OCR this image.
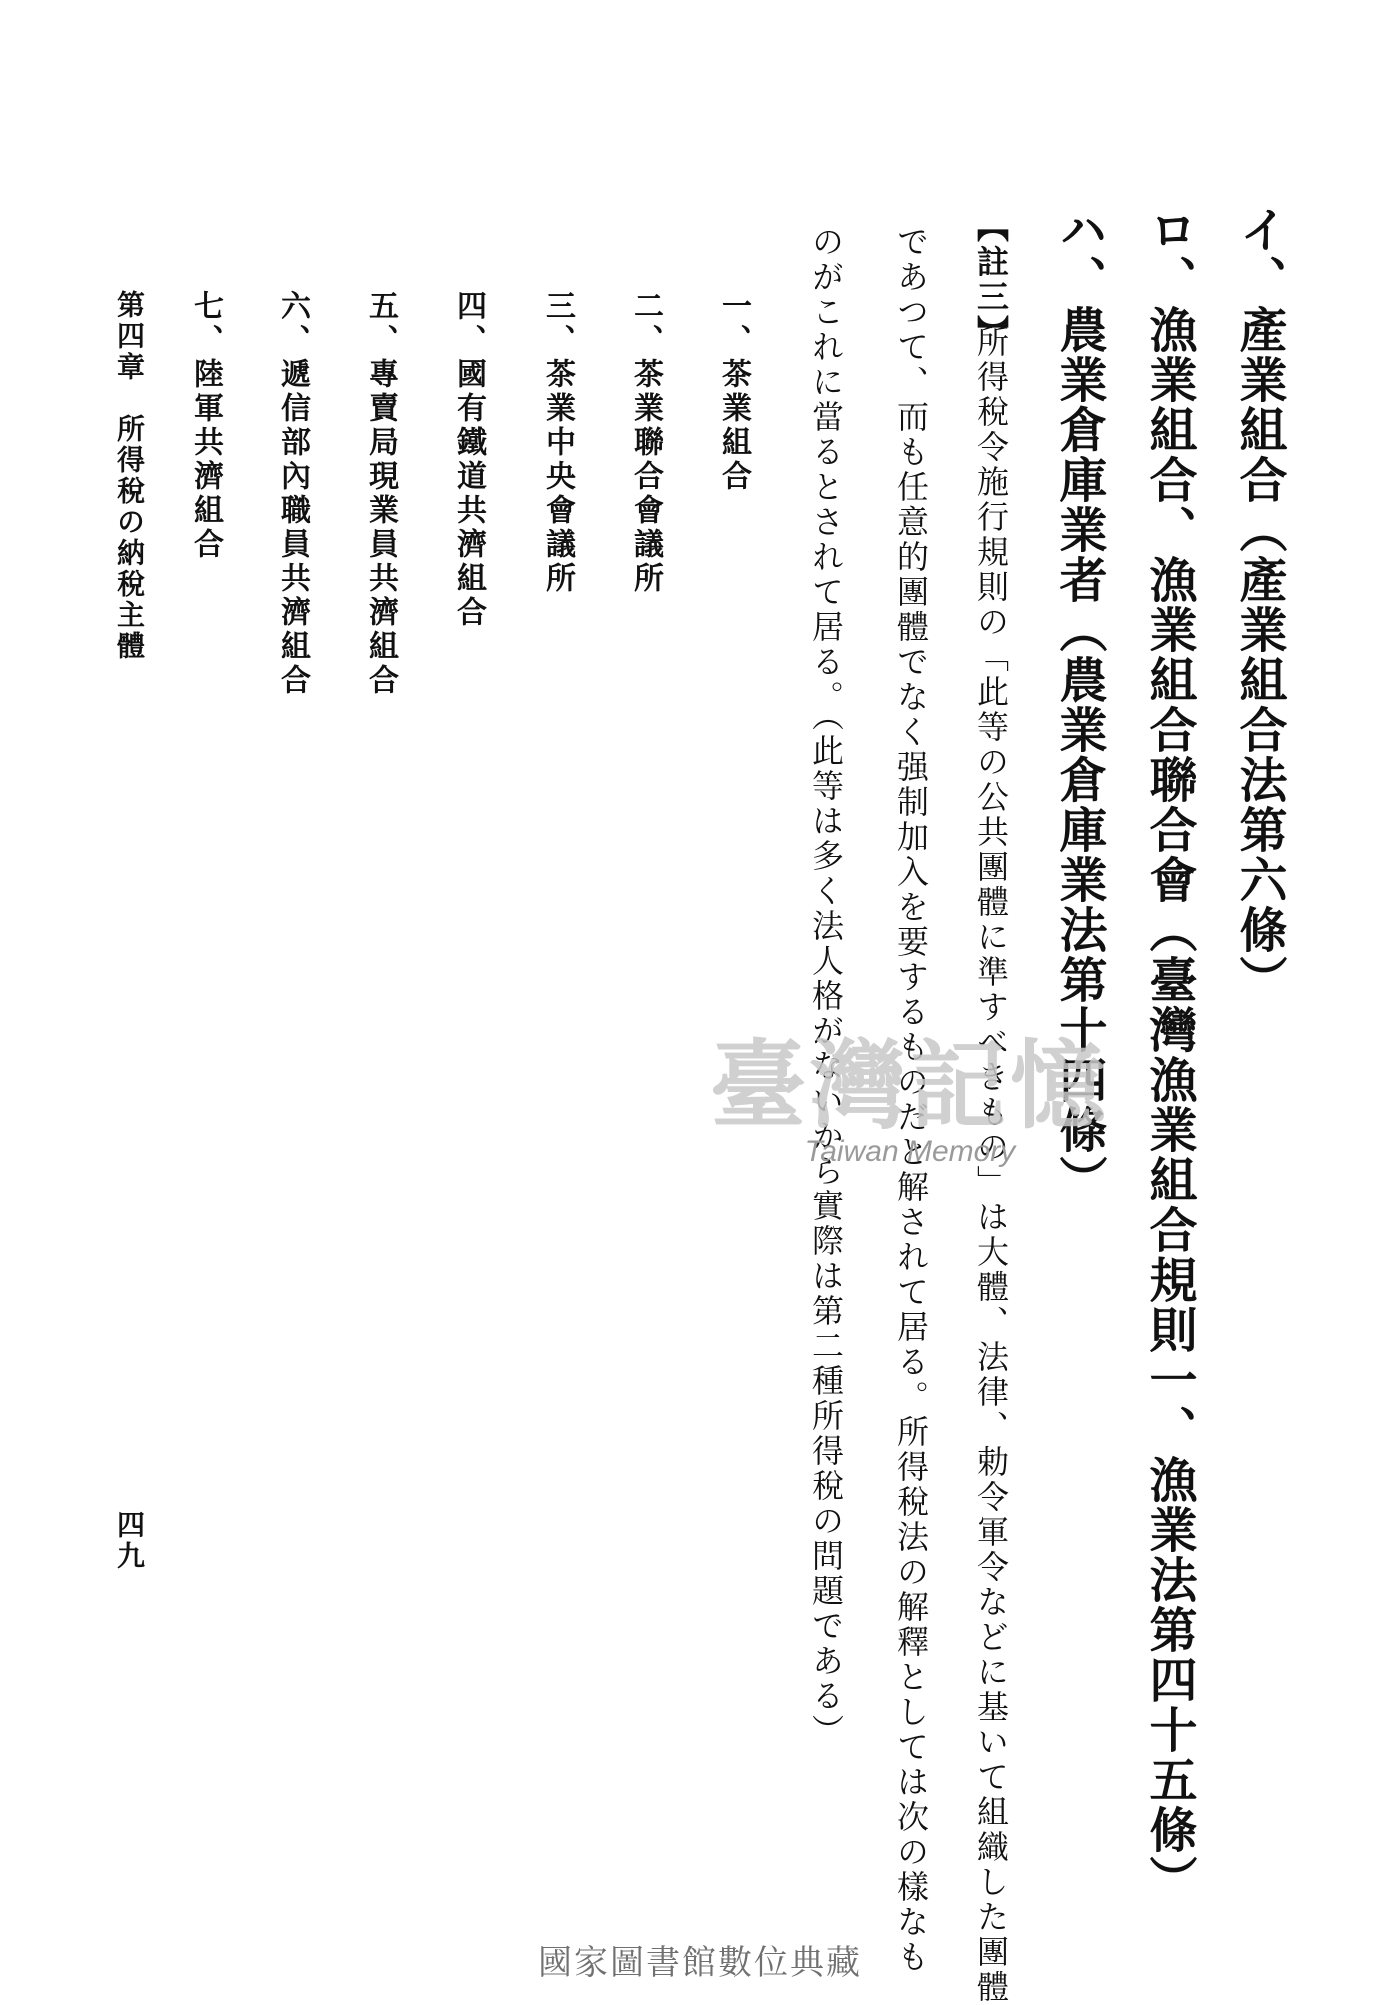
イ、產業組合（產業組合法第六條）
ロ、漁業組合、漁業組合聯合會（臺灣漁業組合規則一、漁業法第四十五條）
ハ、農業倉庫業者（農業倉庫業法第十四條）
【註三】
所得稅令施行規則の「此等の公共團體に準すべきもの」は大體、法律、勅令軍令などに基いて組織した團體
であつて、而も任意的團體でなく强制加入を要するものだと解されて居る。所得稅法の解釋としては次の樣なも
のがこれに當るとされて居る。（此等は多く法人格がないから實際は第二種所得稅の問題である）
一、茶業組合
二、茶業聯合會議所
三、茶業中央會議所
四、國有鐵道共濟組合
五、專賣局現業員共濟組合
六、遞信部內職員共濟組合
七、陸軍共濟組合
第四章　所得稅の納稅主體
四九
臺灣記憶
Taiwan Memory
國家圖書館數位典藏
